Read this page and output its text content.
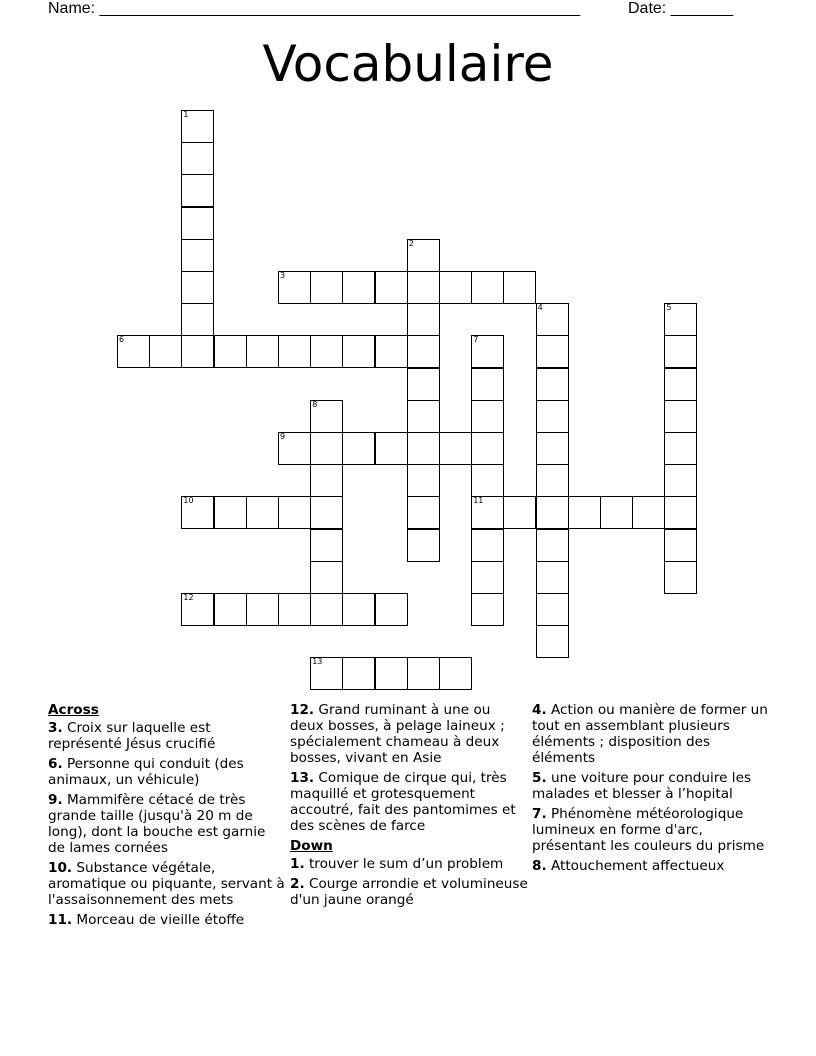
Name: ______________________________________________________	Date: _______
Vocabulaire
1
2
3
4	5
6	7
11
8
9
10
12
13
Across
3. Croix sur laquelle est représenté Jésus crucifié
6. Personne qui conduit (des animaux, un véhicule)
9. Mammifère cétacé de très grande taille (jusqu'à 20 m de long), dont la bouche est garnie de lames cornées
10. Substance végétale, aromatique ou piquante, servant à l'assaisonnement des mets
11. Morceau de vieille étoffe
12. Grand ruminant à une ou deux bosses, à pelage laineux ; spécialement chameau à deux bosses, vivant en Asie
13. Comique de cirque qui, très maquillé et grotesquement accoutré, fait des pantomimes et des scènes de farce
Down
1. trouver le sum d’un problem
2. Courge arrondie et volumineuse d'un jaune orangé
4. Action ou manière de former un tout en assemblant plusieurs éléments ; disposition des éléments
5. une voiture pour conduire les malades et blesser à l’hopital
7. Phénomène météorologique lumineux en forme d'arc, présentant les couleurs du prisme
8. Attouchement affectueux
